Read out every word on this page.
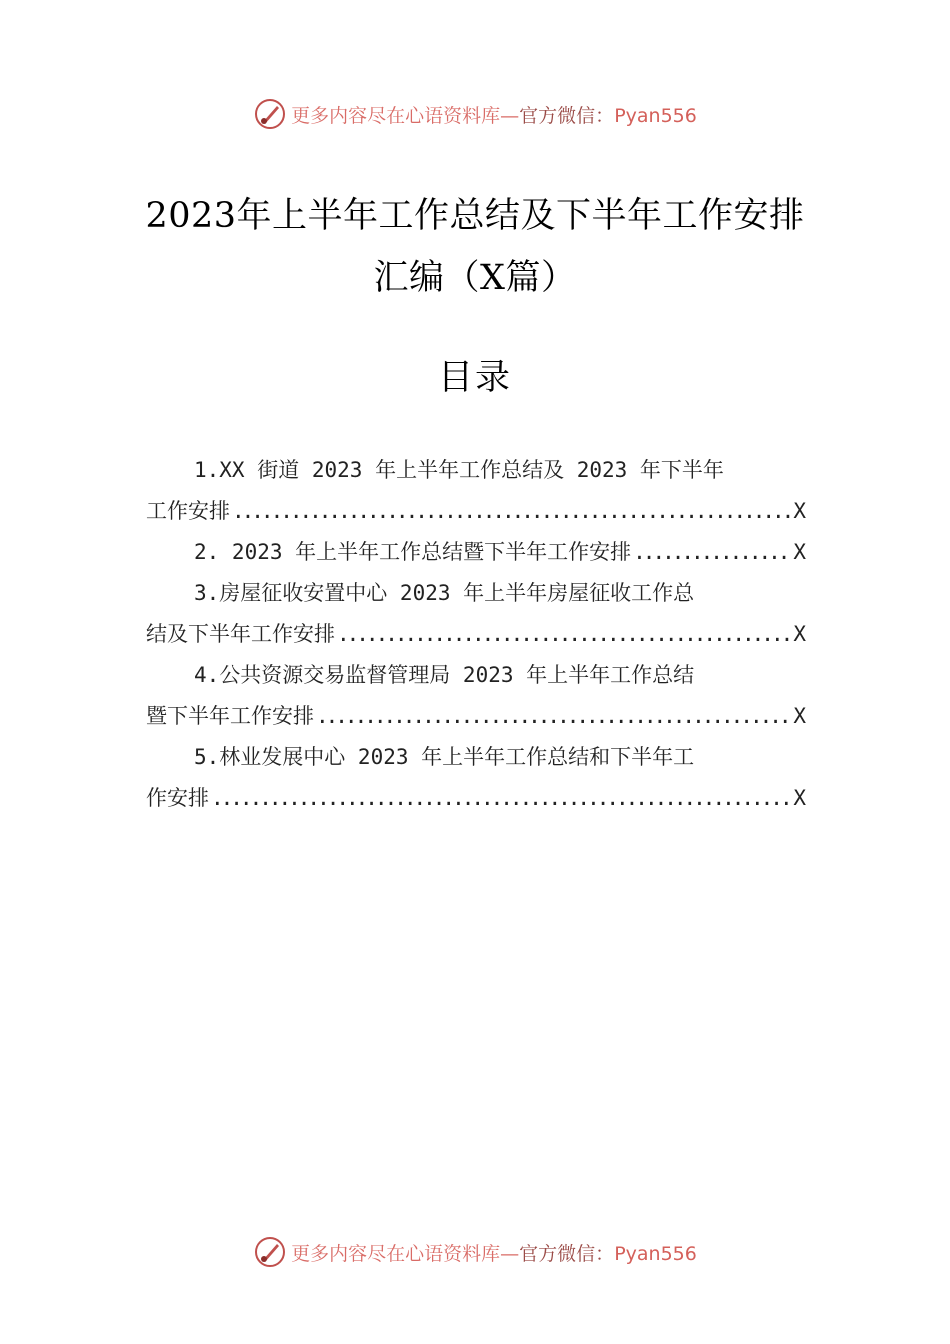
更多内容尽在心语资料库—官方微信：Pyan556
2023年上半年工作总结及下半年工作安排
汇编（X篇）
目录
1.XX 街道 2023 年上半年工作总结及 2023 年下半年
工作安排 .....	X
2. 2023 年上半年工作总结暨下半年工作安排 .....	X
3.房屋征收安置中心 2023 年上半年房屋征收工作总
结及下半年工作安排 .....	X
4.公共资源交易监督管理局 2023 年上半年工作总结
暨下半年工作安排 .....	X
5.林业发展中心 2023 年上半年工作总结和下半年工
作安排 .....	X
更多内容尽在心语资料库—官方微信：Pyan556
